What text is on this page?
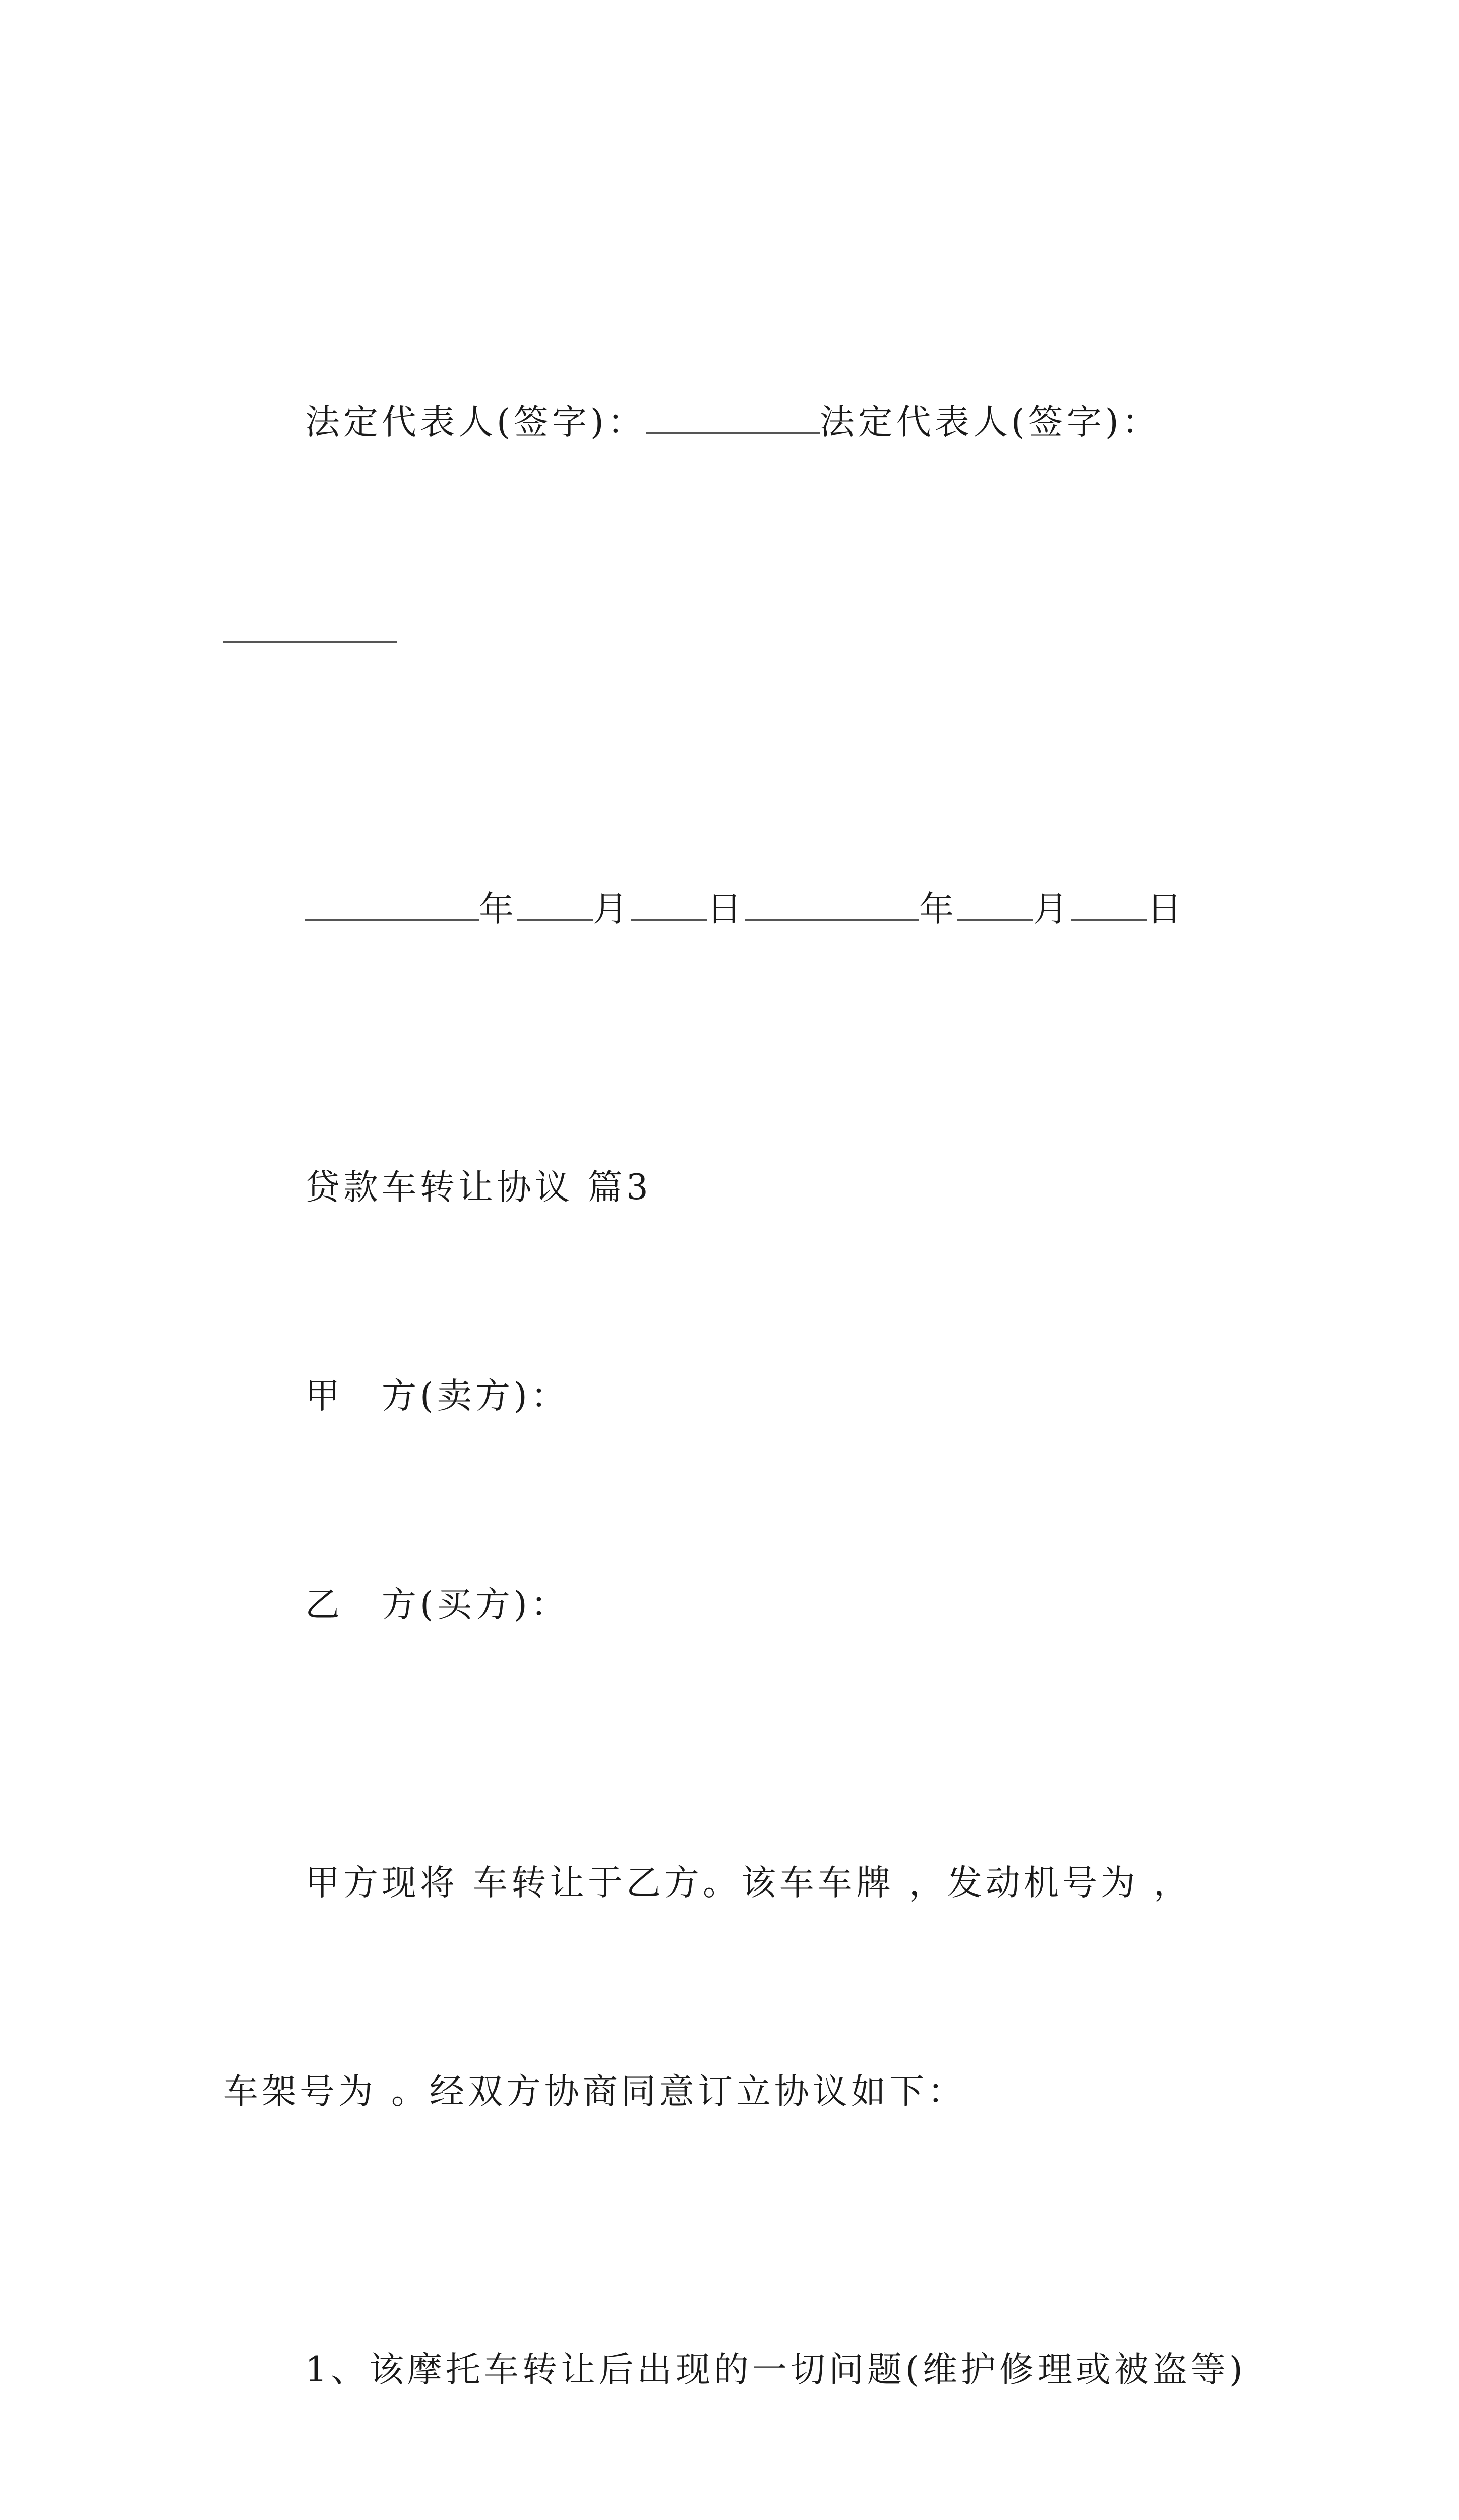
法定代表人(签字)：	法定代表人(签字)：

年 月 日	年 月 日

贷款车转让协议 篇3

甲　方(卖方)：

乙　方(买方)：

甲方现将 车转让于乙方。该车车牌 ，发动机号为 ，

车架号为 。经双方协商同意订立协议如下：

1、该摩托车转让后出现的一切问题(维护修理或被盗等)
